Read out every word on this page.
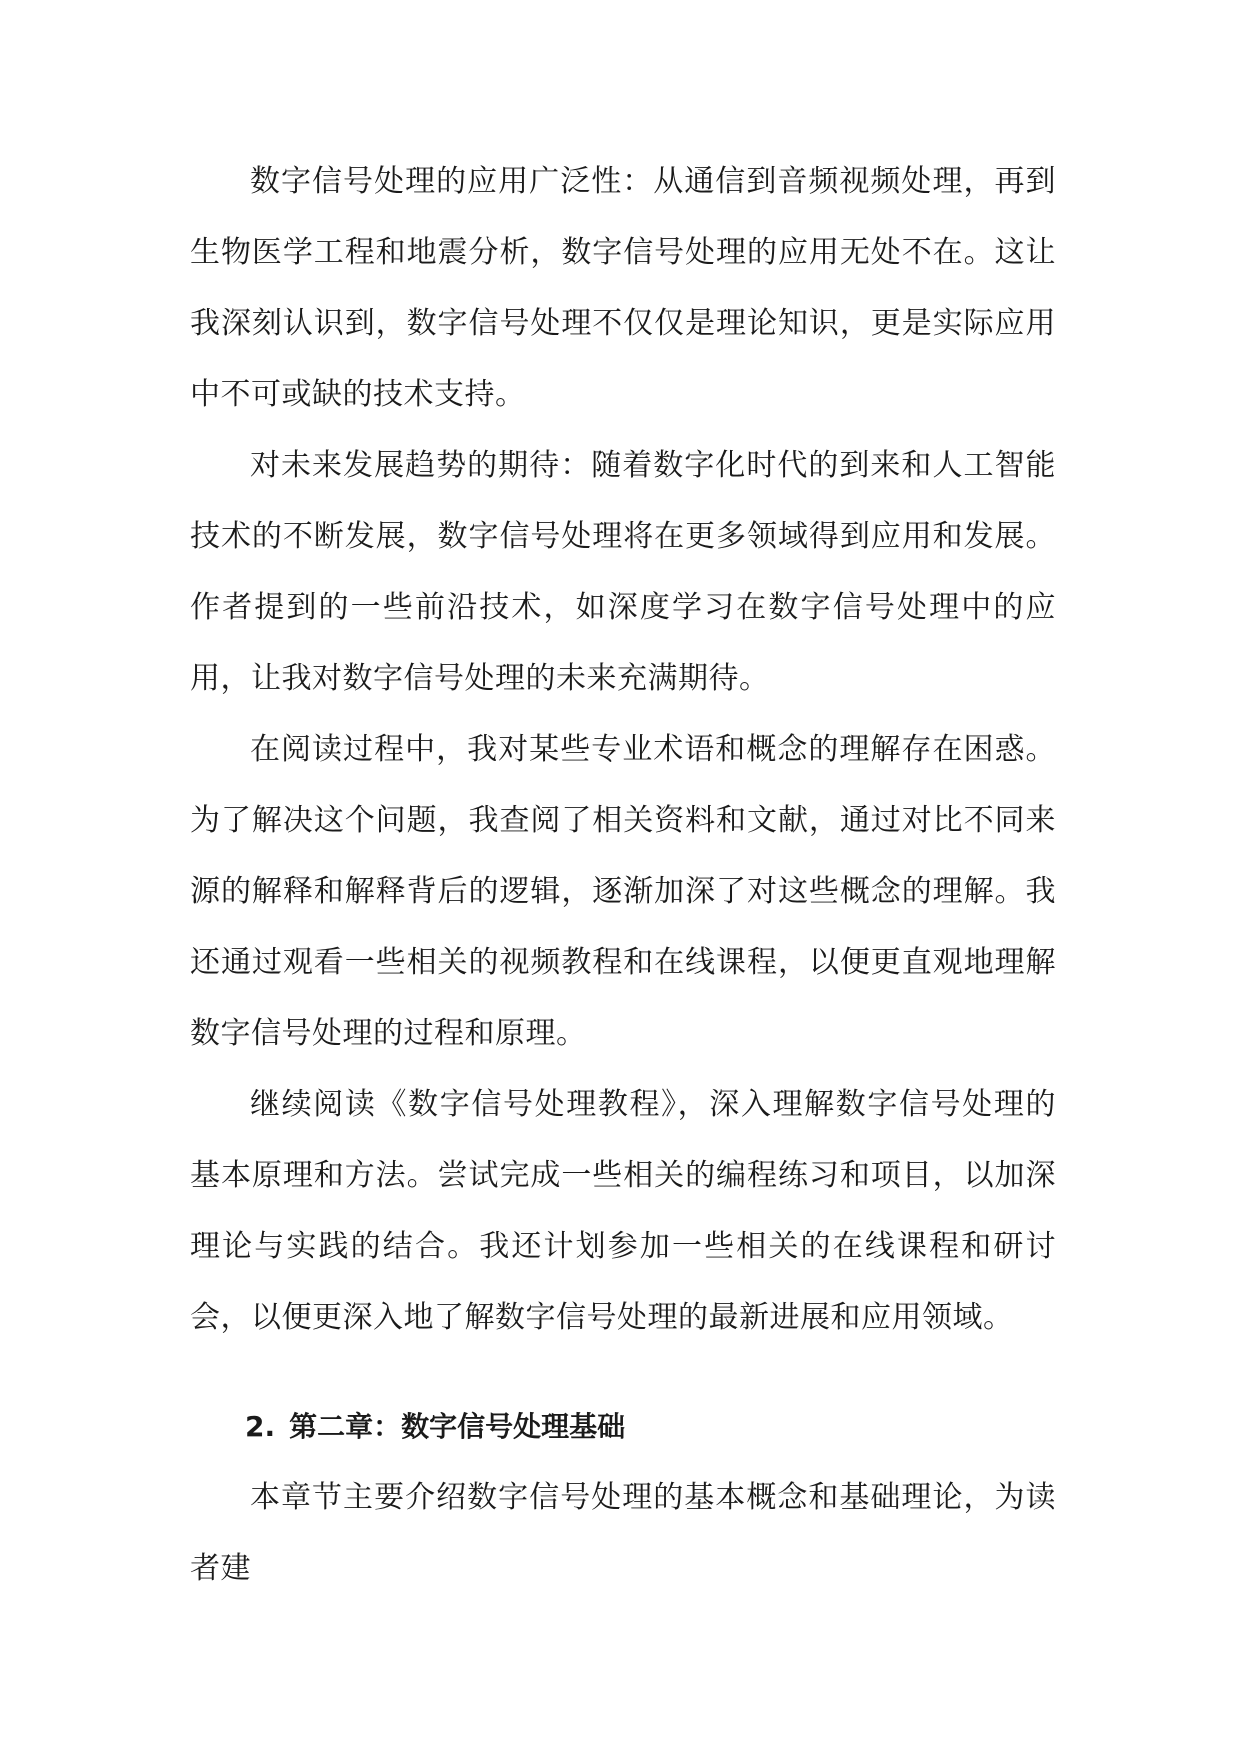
数字信号处理的应用广泛性：从通信到音频视频处理，再到生物医学工程和地震分析，数字信号处理的应用无处不在。这让我深刻认识到，数字信号处理不仅仅是理论知识，更是实际应用中不可或缺的技术支持。

对未来发展趋势的期待：随着数字化时代的到来和人工智能技术的不断发展，数字信号处理将在更多领域得到应用和发展。作者提到的一些前沿技术，如深度学习在数字信号处理中的应用，让我对数字信号处理的未来充满期待。

在阅读过程中，我对某些专业术语和概念的理解存在困惑。为了解决这个问题，我查阅了相关资料和文献，通过对比不同来源的解释和解释背后的逻辑，逐渐加深了对这些概念的理解。我还通过观看一些相关的视频教程和在线课程，以便更直观地理解数字信号处理的过程和原理。

继续阅读《数字信号处理教程》，深入理解数字信号处理的基本原理和方法。尝试完成一些相关的编程练习和项目，以加深理论与实践的结合。我还计划参加一些相关的在线课程和研讨会，以便更深入地了解数字信号处理的最新进展和应用领域。

2. 第二章：数字信号处理基础

本章节主要介绍数字信号处理的基本概念和基础理论，为读者建
